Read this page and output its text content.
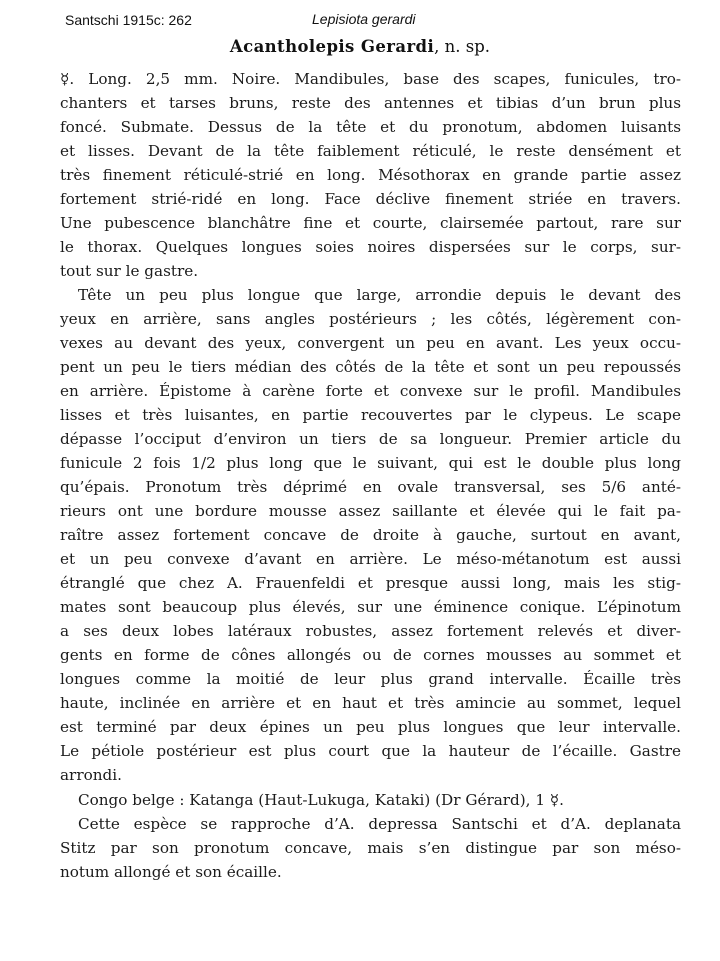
Santschi 1915c: 262	Lepisiota gerardi
Acantholepis Gerardi, n. sp.
☿. Long. 2,5 mm. Noire. Mandibules, base des scapes, funicules, tro-
chanters et tarses bruns, reste des antennes et tibias d’un brun plus
foncé. Submate. Dessus de la tête et du pronotum, abdomen luisants
et lisses. Devant de la tête faiblement réticulé, le reste densément et
très finement réticulé-strié en long. Mésothorax en grande partie assez
fortement strié-ridé en long. Face déclive finement striée en travers.
Une pubescence blanchâtre fine et courte, clairsemée partout, rare sur
le thorax. Quelques longues soies noires dispersées sur le corps, sur-
tout sur le gastre.
Tête un peu plus longue que large, arrondie depuis le devant des
yeux en arrière, sans angles postérieurs ; les côtés, légèrement con-
vexes au devant des yeux, convergent un peu en avant. Les yeux occu-
pent un peu le tiers médian des côtés de la tête et sont un peu repoussés
en arrière. Épistome à carène forte et convexe sur le profil. Mandibules
lisses et très luisantes, en partie recouvertes par le clypeus. Le scape
dépasse l’occiput d’environ un tiers de sa longueur. Premier article du
funicule 2 fois 1/2 plus long que le suivant, qui est le double plus long
qu’épais. Pronotum très déprimé en ovale transversal, ses 5/6 anté-
rieurs ont une bordure mousse assez saillante et élevée qui le fait pa-
raître assez fortement concave de droite à gauche, surtout en avant,
et un peu convexe d’avant en arrière. Le méso-métanotum est aussi
étranglé que chez A. Frauenfeldi et presque aussi long, mais les stig-
mates sont beaucoup plus élevés, sur une éminence conique. L’épinotum
a ses deux lobes latéraux robustes, assez fortement relevés et diver-
gents en forme de cônes allongés ou de cornes mousses au sommet et
longues comme la moitié de leur plus grand intervalle. Écaille très
haute, inclinée en arrière et en haut et très amincie au sommet, lequel
est terminé par deux épines un peu plus longues que leur intervalle.
Le pétiole postérieur est plus court que la hauteur de l’écaille. Gastre
arrondi.
Congo belge : Katanga (Haut-Lukuga, Kataki) (Dr Gérard), 1 ☿.
Cette espèce se rapproche d’A. depressa Santschi et d’A. deplanata
Stitz par son pronotum concave, mais s’en distingue par son méso-
notum allongé et son écaille.
